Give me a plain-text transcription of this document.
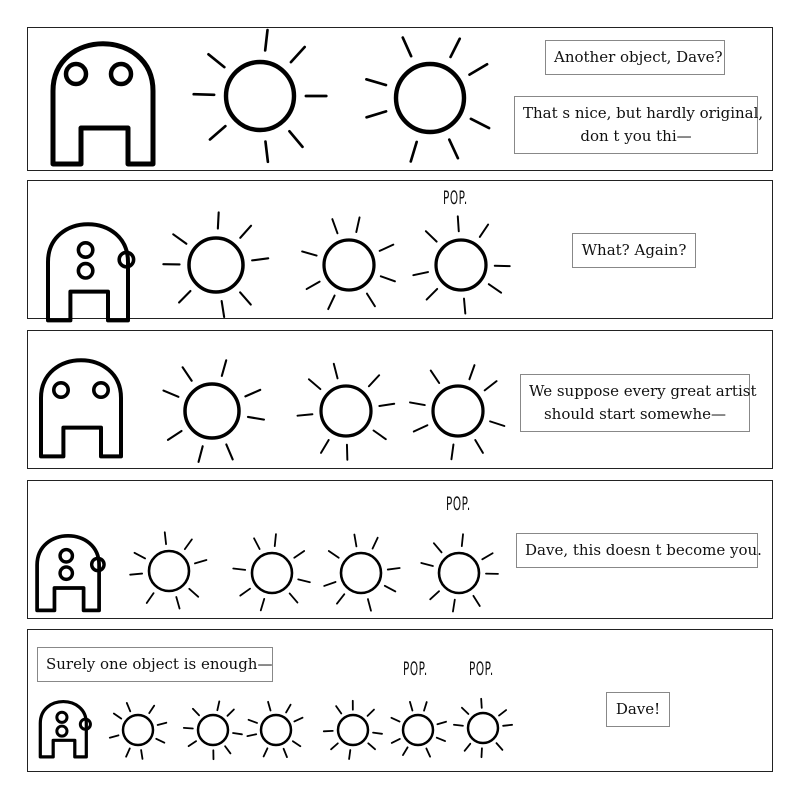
Another object, Dave?
That s nice, but hardly original,
don t you thi—
POP.
What? Again?
We suppose every great artist
should start somewhe—
POP.
Dave, this doesn t become you.
POP. POP.
Surely one object is enough—
Dave!
